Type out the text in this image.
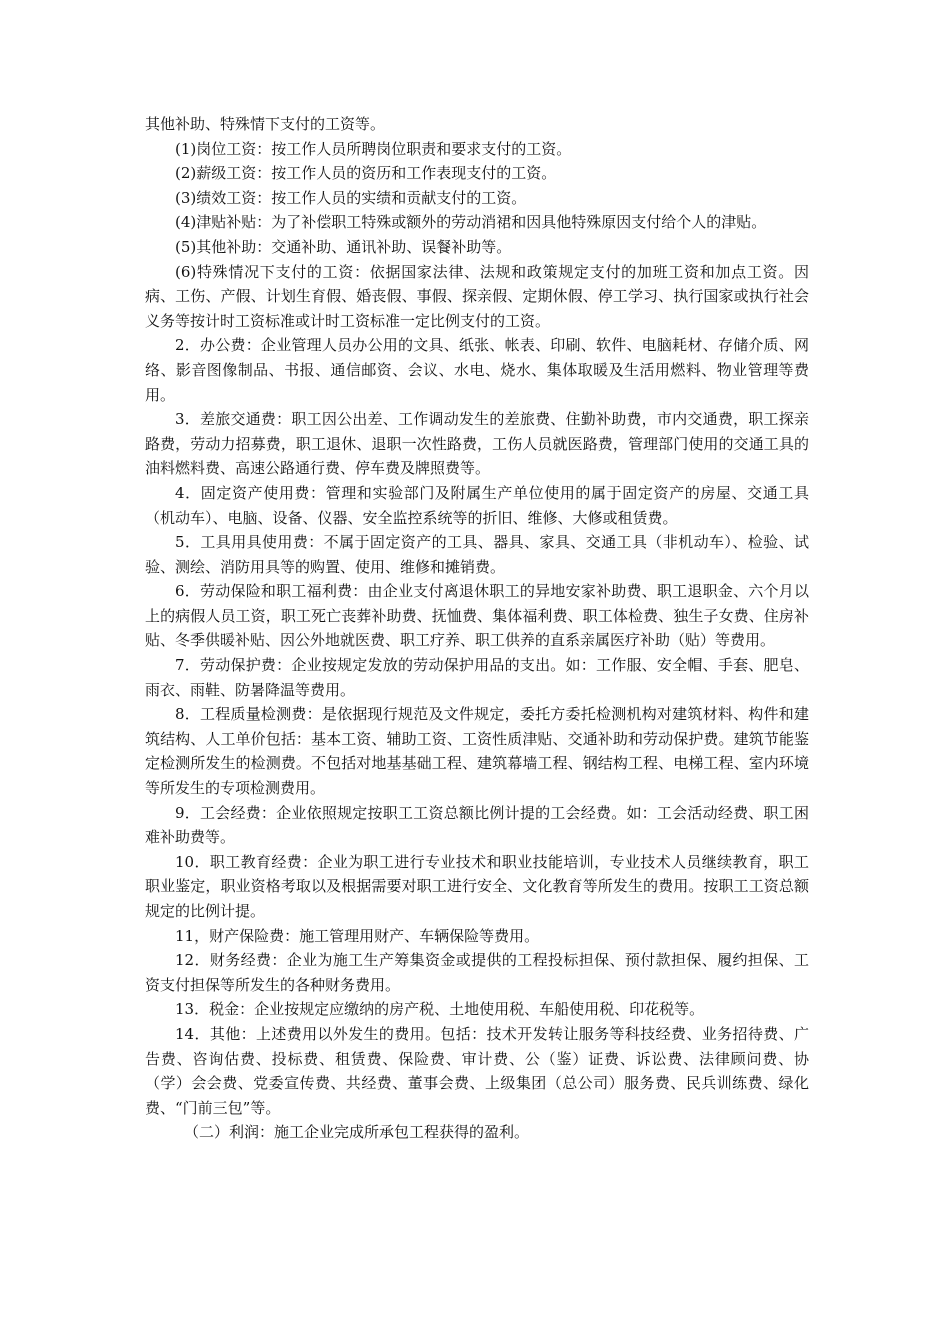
其他补助、特殊情下支付的工资等。

(1)岗位工资：按工作人员所聘岗位职责和要求支付的工资。

(2)薪级工资：按工作人员的资历和工作表现支付的工资。

(3)绩效工资：按工作人员的实绩和贡献支付的工资。

(4)津贴补贴：为了补偿职工特殊或额外的劳动消裙和因具他特殊原因支付给个人的津贴。

(5)其他补助：交通补助、通讯补助、误餐补助等。

(6)特殊情况下支付的工资：依据国家法律、法规和政策规定支付的加班工资和加点工资。因病、工伤、产假、计划生育假、婚丧假、事假、探亲假、定期休假、停工学习、执行国家或执行社会义务等按计时工资标准或计时工资标准一定比例支付的工资。

2．办公费：企业管理人员办公用的文具、纸张、帐表、印刷、软件、电脑耗材、存储介质、网络、影音图像制品、书报、通信邮资、会议、水电、烧水、集体取暖及生活用燃料、物业管理等费用。

3．差旅交通费：职工因公出差、工作调动发生的差旅费、住勤补助费，市内交通费，职工探亲路费，劳动力招募费，职工退休、退职一次性路费，工伤人员就医路费，管理部门使用的交通工具的油料燃料费、高速公路通行费、停车费及牌照费等。

4．固定资产使用费：管理和实验部门及附属生产单位使用的属于固定资产的房屋、交通工具（机动车）、电脑、设备、仪器、安全监控系统等的折旧、维修、大修或租赁费。

5．工具用具使用费：不属于固定资产的工具、器具、家具、交通工具（非机动车）、检验、试验、测绘、消防用具等的购置、使用、维修和摊销费。

6．劳动保险和职工福利费：由企业支付离退休职工的异地安家补助费、职工退职金、六个月以上的病假人员工资，职工死亡丧葬补助费、抚恤费、集体福利费、职工体检费、独生子女费、住房补贴、冬季供暖补贴、因公外地就医费、职工疗养、职工供养的直系亲属医疗补助（贴）等费用。

7．劳动保护费：企业按规定发放的劳动保护用品的支出。如：工作服、安全帽、手套、肥皂、雨衣、雨鞋、防暑降温等费用。

8．工程质量检测费：是依据现行规范及文件规定，委托方委托检测机构对建筑材料、构件和建筑结构、人工单价包括：基本工资、辅助工资、工资性质津贴、交通补助和劳动保护费。建筑节能鉴定检测所发生的检测费。不包括对地基基础工程、建筑幕墙工程、钢结构工程、电梯工程、室内环境等所发生的专项检测费用。

9．工会经费：企业依照规定按职工工资总额比例计提的工会经费。如：工会活动经费、职工困难补助费等。

10．职工教育经费：企业为职工进行专业技术和职业技能培训，专业技术人员继续教育，职工职业鉴定，职业资格考取以及根据需要对职工进行安全、文化教育等所发生的费用。按职工工资总额规定的比例计提。

11，财产保险费：施工管理用财产、车辆保险等费用。

12．财务经费：企业为施工生产筹集资金或提供的工程投标担保、预付款担保、履约担保、工资支付担保等所发生的各种财务费用。

13．税金：企业按规定应缴纳的房产税、土地使用税、车船使用税、印花税等。

14．其他：上述费用以外发生的费用。包括：技术开发转让服务等科技经费、业务招待费、广告费、咨询估费、投标费、租赁费、保险费、审计费、公（鉴）证费、诉讼费、法律顾问费、协（学）会会费、党委宣传费、共经费、董事会费、上级集团（总公司）服务费、民兵训练费、绿化费、“门前三包”等。

（二）利润：施工企业完成所承包工程获得的盈利。
